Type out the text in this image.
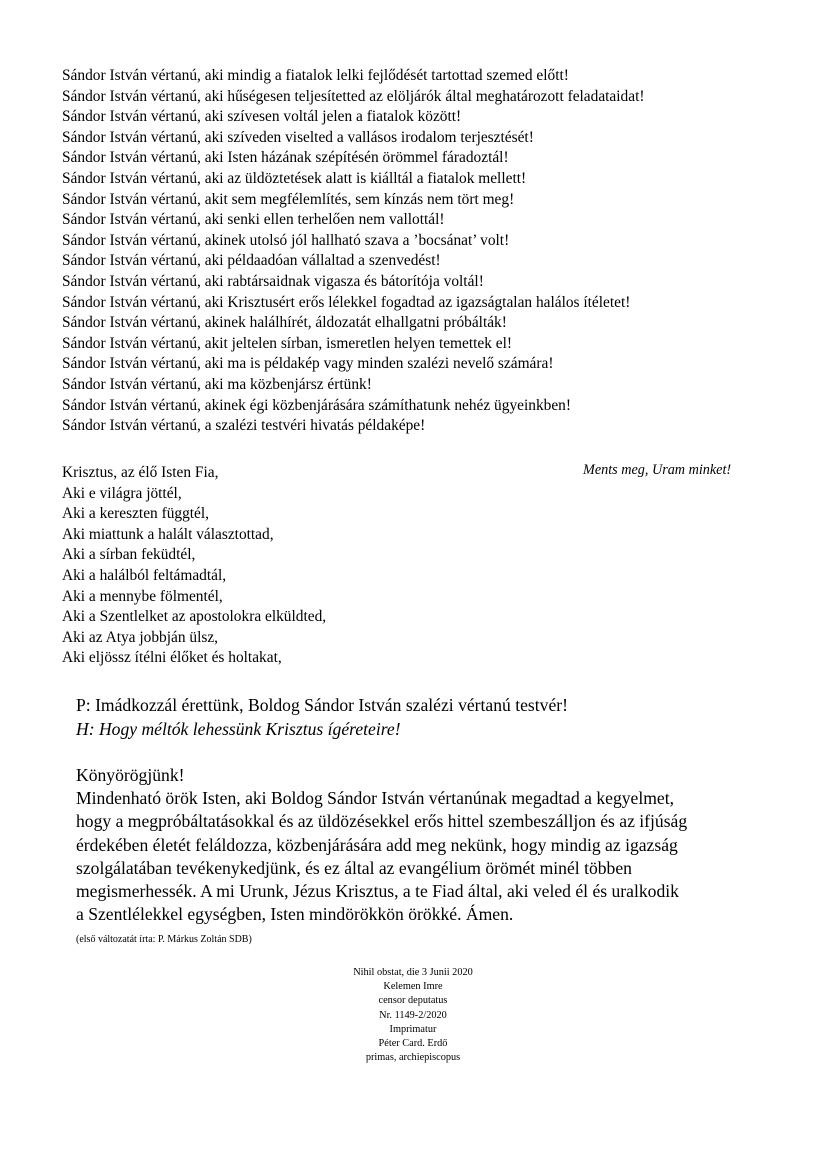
Sándor István vértanú, aki mindig a fiatalok lelki fejlődését tartottad szemed előtt!
Sándor István vértanú, aki hűségesen teljesítetted az elöljárók által meghatározott feladataidat!
Sándor István vértanú, aki szívesen voltál jelen a fiatalok között!
Sándor István vértanú, aki szíveden viselted a vallásos irodalom terjesztését!
Sándor István vértanú, aki Isten házának szépítésén örömmel fáradoztál!
Sándor István vértanú, aki az üldöztetések alatt is kiálltál a fiatalok mellett!
Sándor István vértanú, akit sem megfélemlítés, sem kínzás nem tört meg!
Sándor István vértanú, aki senki ellen terhelően nem vallottál!
Sándor István vértanú, akinek utolsó jól hallható szava a ’bocsánat’ volt!
Sándor István vértanú, aki példaadóan vállaltad a szenvedést!
Sándor István vértanú, aki rabtársaidnak vigasza és bátorítója voltál!
Sándor István vértanú, aki Krisztusért erős lélekkel fogadtad az igazságtalan halálos ítéletet!
Sándor István vértanú, akinek halálhírét, áldozatát elhallgatni próbálták!
Sándor István vértanú, akit jeltelen sírban, ismeretlen helyen temettek el!
Sándor István vértanú, aki ma is példakép vagy minden szalézi nevelő számára!
Sándor István vértanú, aki ma közbenjársz értünk!
Sándor István vértanú, akinek égi közbenjárására számíthatunk nehéz ügyeinkben!
Sándor István vértanú, a szalézi testvéri hivatás példaképe!
Krisztus, az élő Isten Fia,
Aki e világra jöttél,
Aki a kereszten függtél,
Aki miattunk a halált választottad,
Aki a sírban feküdtél,
Aki a halálból feltámadtál,
Aki a mennybe fölmentél,
Aki a Szentlelket az apostolokra elküldted,
Aki az Atya jobbján ülsz,
Aki eljössz ítélni élőket és holtakat,
Ments meg, Uram minket!
P: Imádkozzál érettünk, Boldog Sándor István szalézi vértanú testvér!
H: Hogy méltók lehessünk Krisztus ígéreteire!
Könyörögjünk!
Mindenható örök Isten, aki Boldog Sándor István vértanúnak megadtad a kegyelmet,
hogy a megpróbáltatásokkal és az üldözésekkel erős hittel szembeszálljon és az ifjúság
érdekében életét feláldozza, közbenjárására add meg nekünk, hogy mindig az igazság
szolgálatában tevékenykedjünk, és ez által az evangélium örömét minél többen
megismerhessék. A mi Urunk, Jézus Krisztus, a te Fiad által, aki veled él és uralkodik
a Szentlélekkel egységben, Isten mindörökkön örökké. Ámen.
(első változatát írta: P. Márkus Zoltán SDB)
Nihil obstat, die 3 Junii 2020
Kelemen Imre
censor deputatus
Nr. 1149-2/2020
Imprimatur
Péter Card. Erdő
primas, archiepiscopus
